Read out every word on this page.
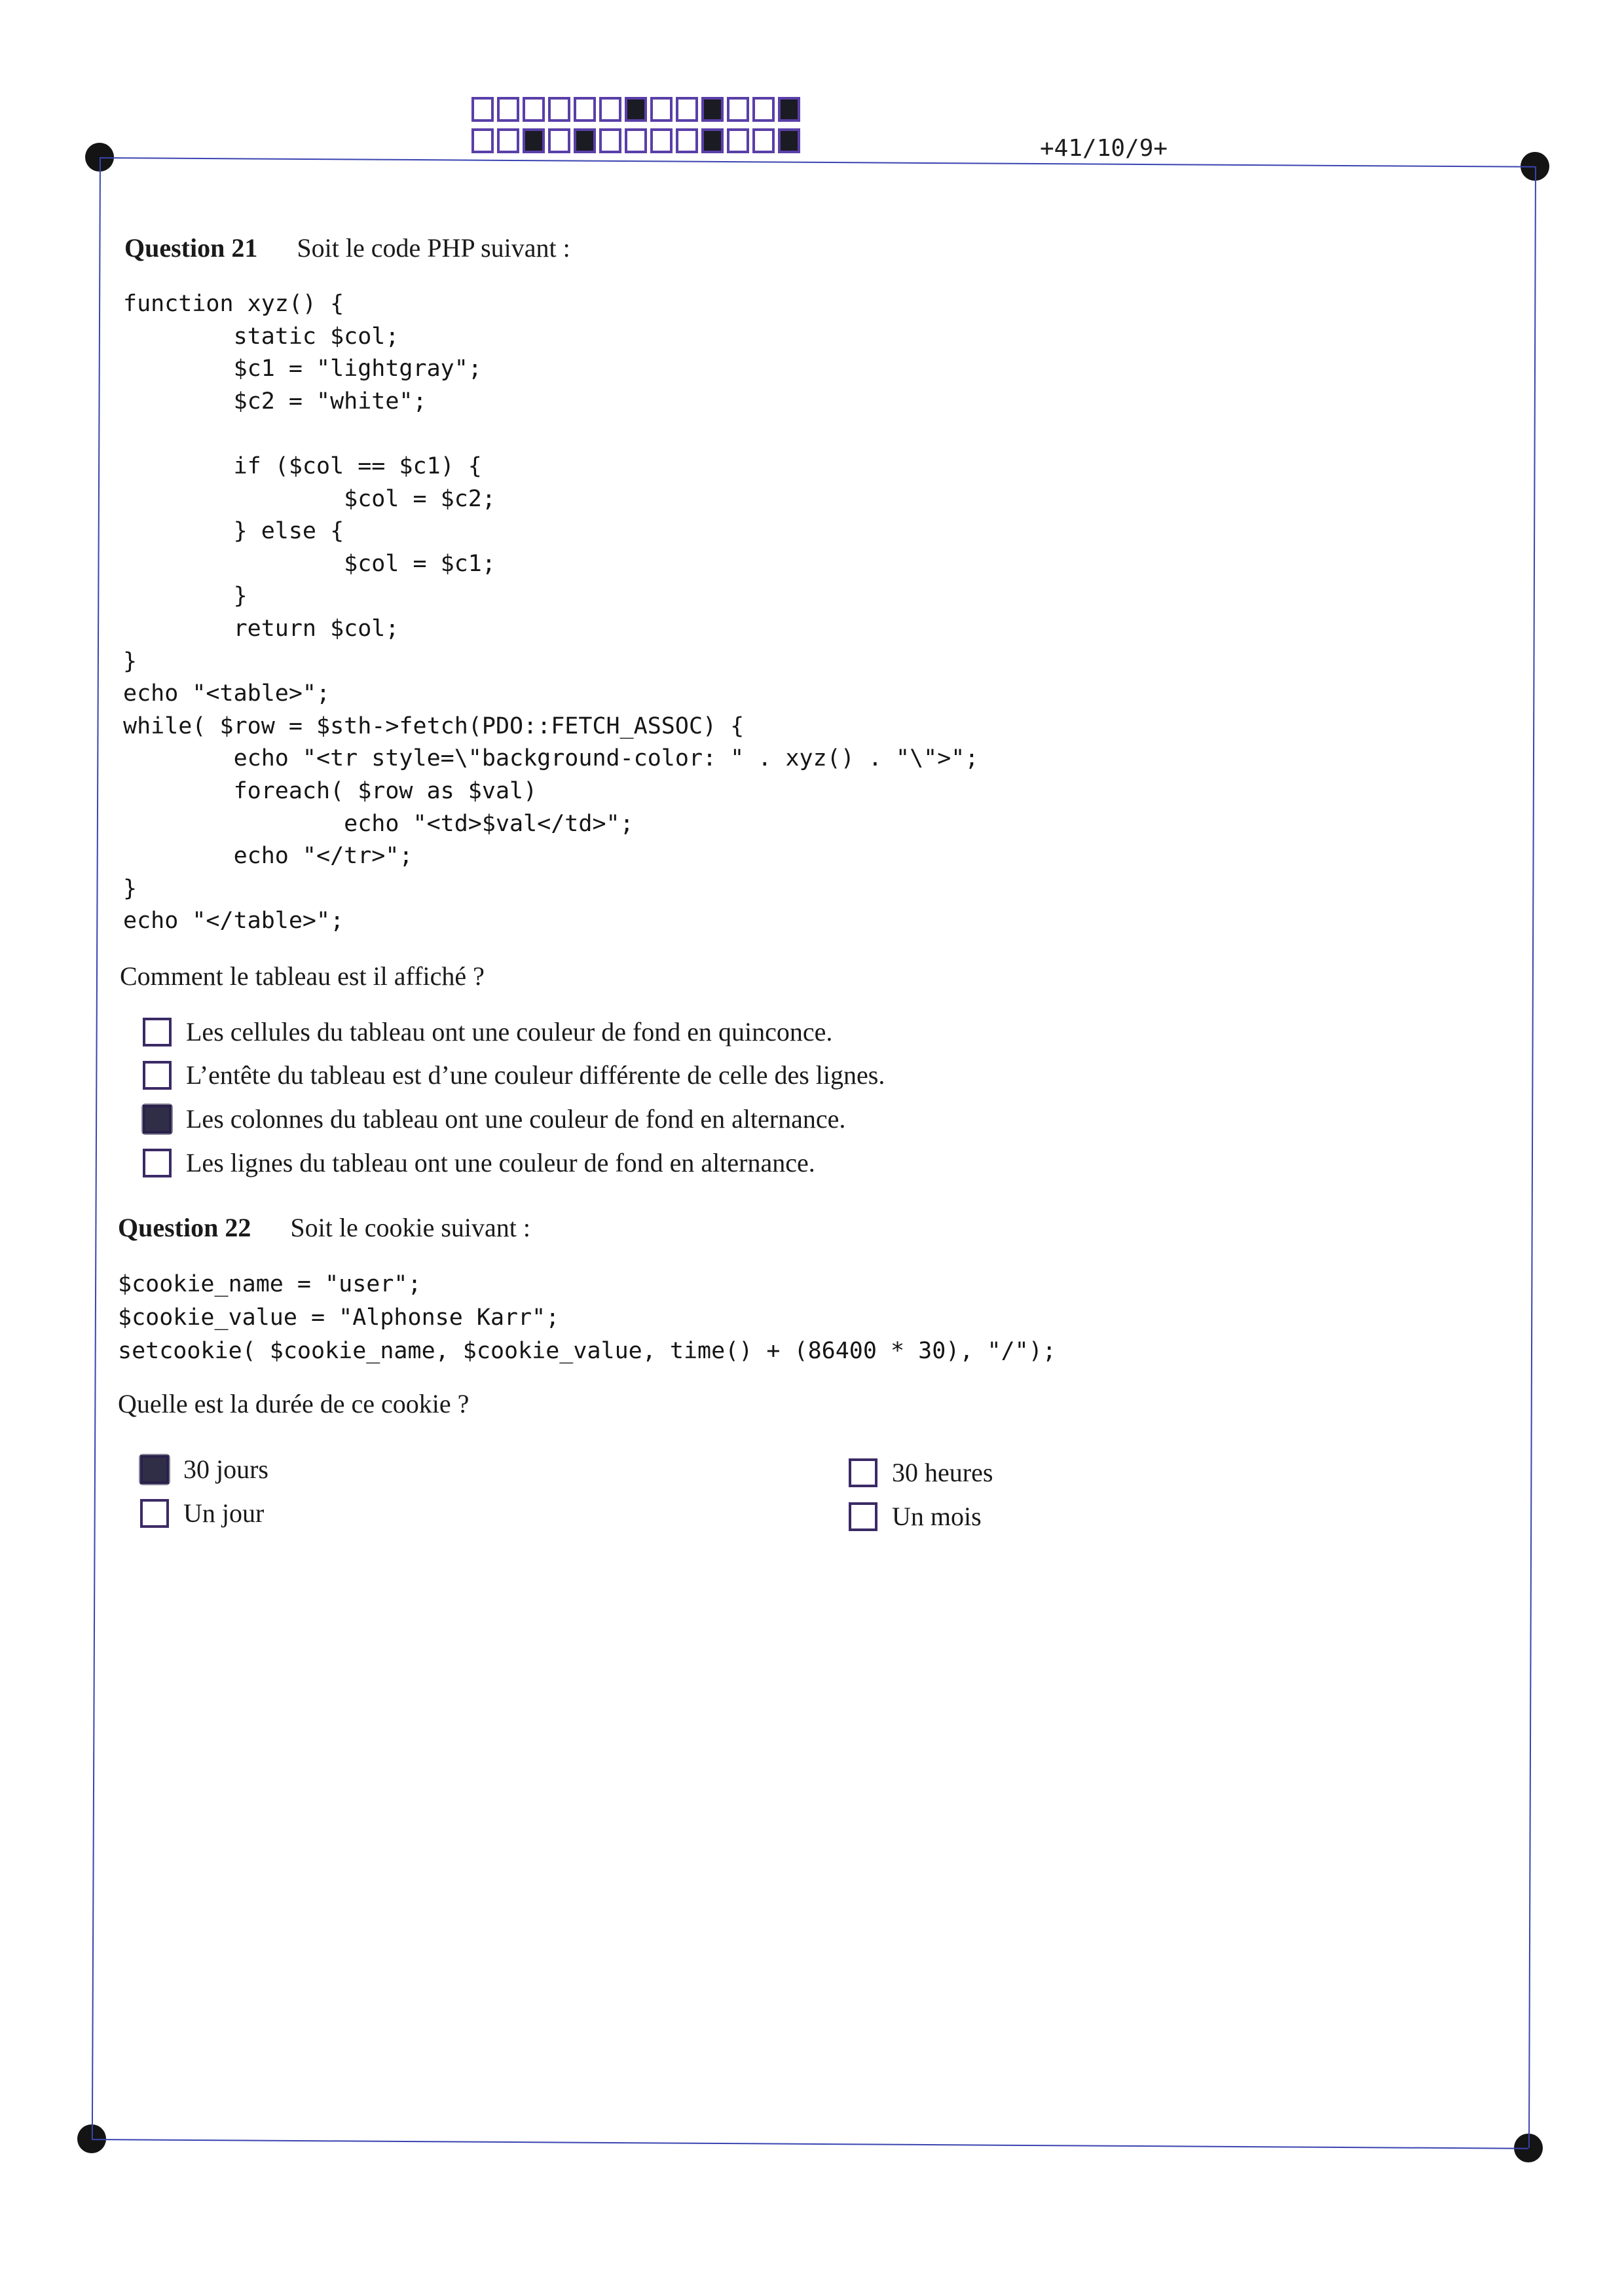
+41/10/9+
Question 21 Soit le code PHP suivant :
function xyz() {
static $col;
$c1 = "lightgray";
$c2 = "white";

if ($col == $c1) {
$col = $c2;
} else {
$col = $c1;
}
return $col;
}
echo "<table>";
while( $row = $sth->fetch(PDO::FETCH_ASSOC) {
echo "<tr style=\"background-color: " . xyz() . "\">";
foreach( $row as $val)
echo "<td>$val</td>";
echo "</tr>";
}
echo "</table>";
Comment le tableau est il affiché ?
Les cellules du tableau ont une couleur de fond en quinconce.
L’entête du tableau est d’une couleur différente de celle des lignes.
Les colonnes du tableau ont une couleur de fond en alternance.
Les lignes du tableau ont une couleur de fond en alternance.
Question 22 Soit le cookie suivant :
$cookie_name = "user";
$cookie_value = "Alphonse Karr";
setcookie( $cookie_name, $cookie_value, time() + (86400 * 30), "/");
Quelle est la durée de ce cookie ?
30 jours	30 heures
Un jour	Un mois
